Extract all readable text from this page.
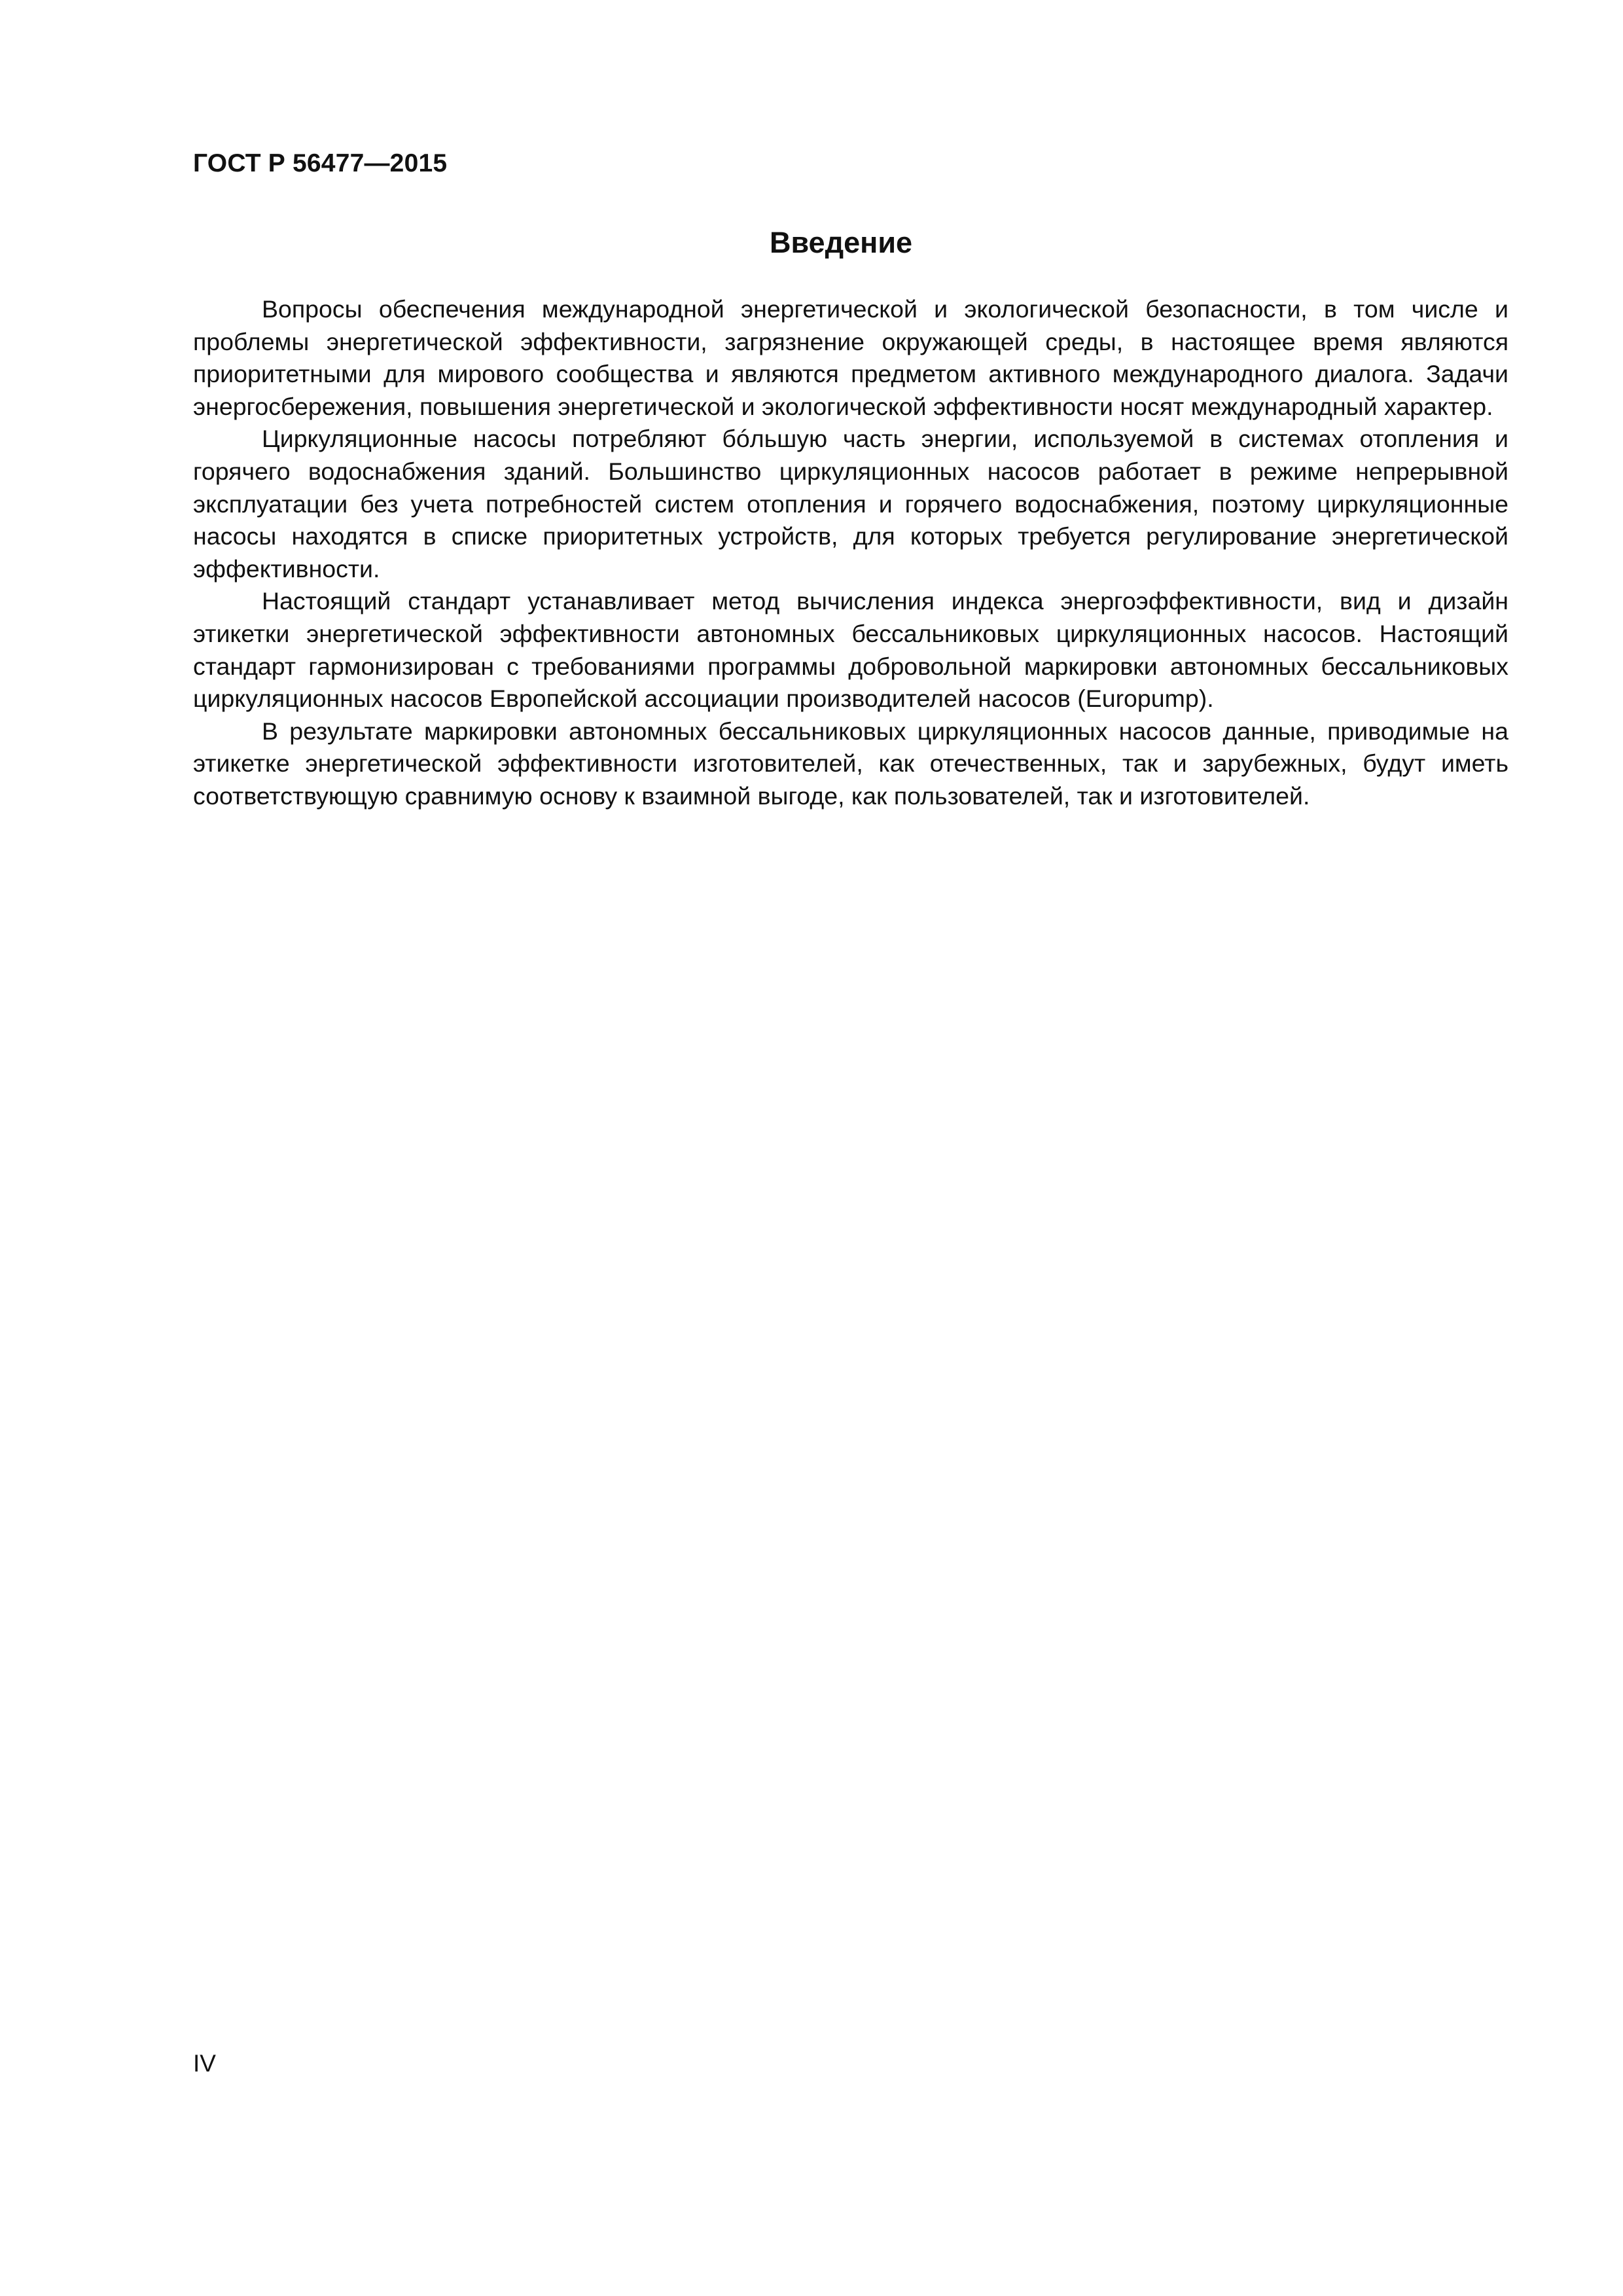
ГОСТ Р 56477—2015
Введение

Вопросы обеспечения международной энергетической и экологической безопасности, в том числе и проблемы энергетической эффективности, загрязнение окружающей среды, в настоящее время являются приоритетными для мирового сообщества и являются предметом активного международного диалога. Задачи энергосбережения, повышения энергетической и экологической эффективности носят международный характер.

Циркуляционные насосы потребляют бóльшую часть энергии, используемой в системах отопления и горячего водоснабжения зданий. Большинство циркуляционных насосов работает в режиме непрерывной эксплуатации без учета потребностей систем отопления и горячего водоснабжения, поэтому циркуляционные насосы находятся в списке приоритетных устройств, для которых требуется регулирование энергетической эффективности.

Настоящий стандарт устанавливает метод вычисления индекса энергоэффективности, вид и дизайн этикетки энергетической эффективности автономных бессальниковых циркуляционных насосов. Настоящий стандарт гармонизирован с требованиями программы добровольной маркировки автономных бессальниковых циркуляционных насосов Европейской ассоциации производителей насосов (Europump).

В результате маркировки автономных бессальниковых циркуляционных насосов данные, приводимые на этикетке энергетической эффективности изготовителей, как отечественных, так и зарубежных, будут иметь соответствующую сравнимую основу к взаимной выгоде, как пользователей, так и изготовителей.

IV
